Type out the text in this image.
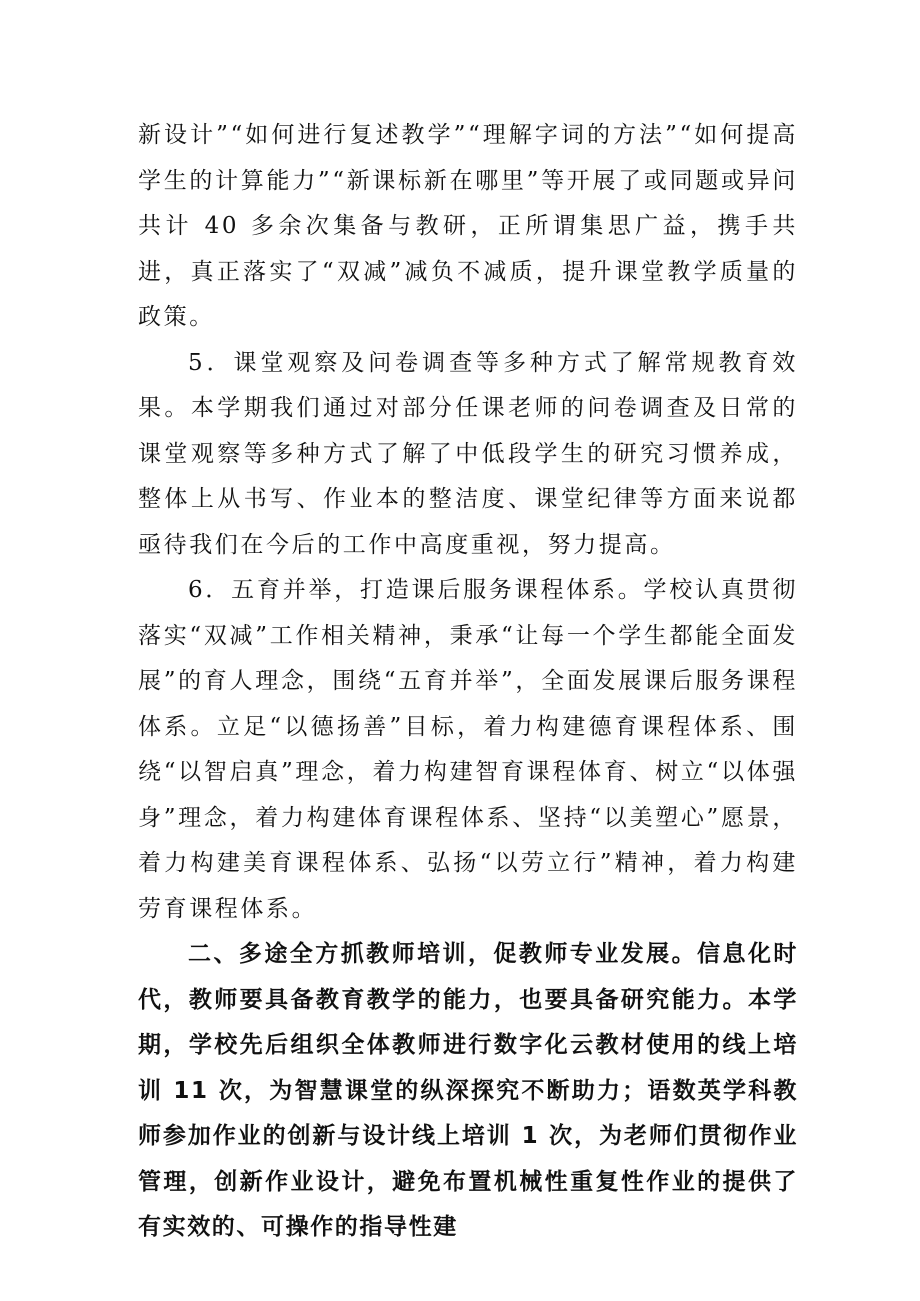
新设计”“如何进行复述教学”“理解字词的方法”“如何提高学生的计算能力”“新课标新在哪里”等开展了或同题或异问共计 40 多余次集备与教研，正所谓集思广益，携手共进，真正落实了“双减”减负不减质，提升课堂教学质量的政策。

5．课堂观察及问卷调查等多种方式了解常规教育效果。本学期我们通过对部分任课老师的问卷调查及日常的课堂观察等多种方式了解了中低段学生的研究习惯养成，整体上从书写、作业本的整洁度、课堂纪律等方面来说都亟待我们在今后的工作中高度重视，努力提高。

6．五育并举，打造课后服务课程体系。学校认真贯彻落实“双减”工作相关精神，秉承“让每一个学生都能全面发展”的育人理念，围绕“五育并举”，全面发展课后服务课程体系。立足“以德扬善”目标，着力构建德育课程体系、围绕“以智启真”理念，着力构建智育课程体育、树立“以体强身”理念，着力构建体育课程体系、坚持“以美塑心”愿景，着力构建美育课程体系、弘扬“以劳立行”精神，着力构建劳育课程体系。

二、多途全方抓教师培训，促教师专业发展。信息化时代，教师要具备教育教学的能力，也要具备研究能力。本学期，学校先后组织全体教师进行数字化云教材使用的线上培训 11 次，为智慧课堂的纵深探究不断助力；语数英学科教师参加作业的创新与设计线上培训 1 次，为老师们贯彻作业管理，创新作业设计，避免布置机械性重复性作业的提供了有实效的、可操作的指导性建
